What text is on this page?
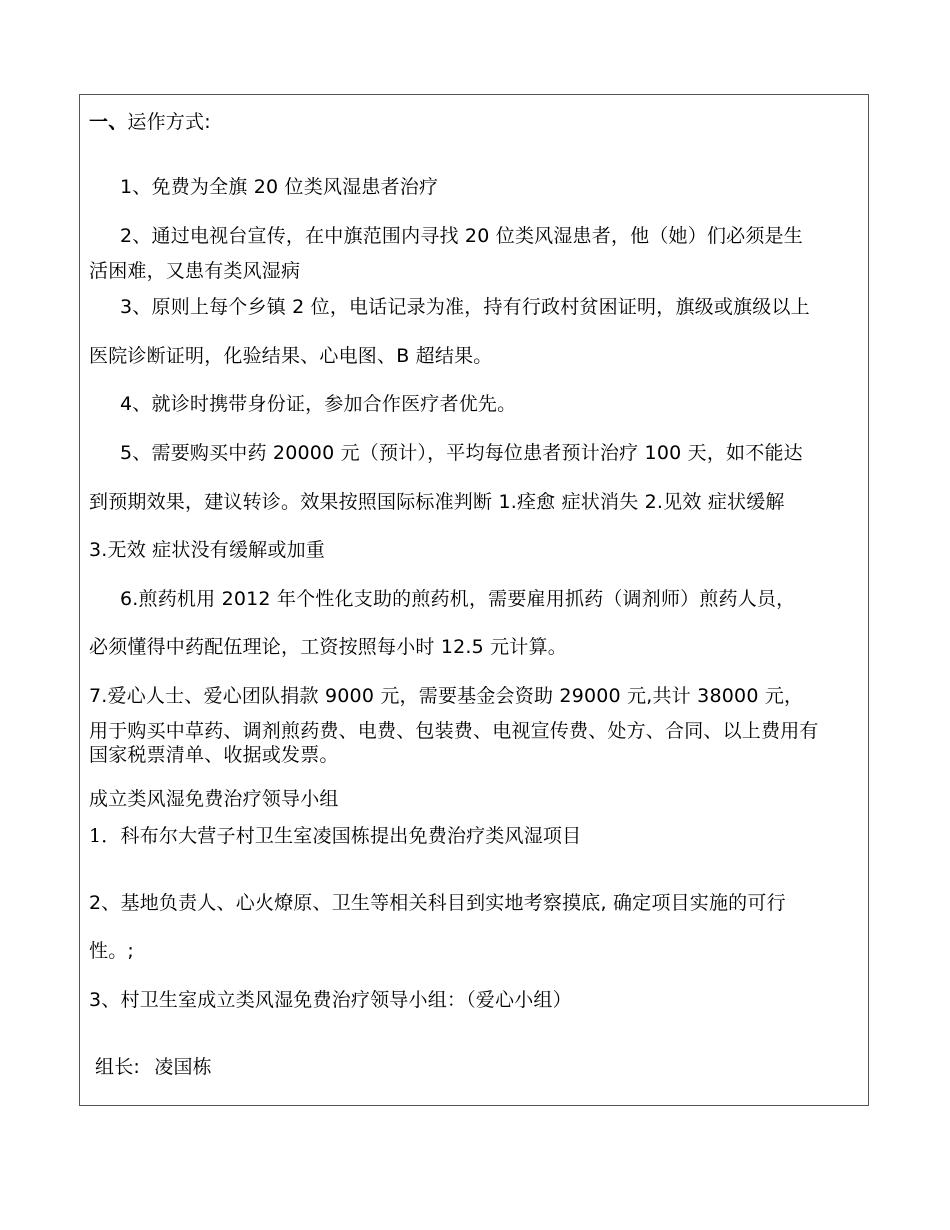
一、运作方式:
1、免费为全旗 20 位类风湿患者治疗
2、通过电视台宣传，在中旗范围内寻找 20 位类风湿患者，他（她）们必须是生
活困难，又患有类风湿病
3、原则上每个乡镇 2 位，电话记录为准，持有行政村贫困证明，旗级或旗级以上
医院诊断证明，化验结果、心电图、B 超结果。
4、就诊时携带身份证，参加合作医疗者优先。
5、需要购买中药 20000 元（预计），平均每位患者预计治疗 100 天，如不能达
到预期效果，建议转诊。效果按照国际标准判断 1.痊愈 症状消失 2.见效 症状缓解
3.无效 症状没有缓解或加重
6.煎药机用 2012 年个性化支助的煎药机，需要雇用抓药（调剂师）煎药人员，
必须懂得中药配伍理论，工资按照每小时 12.5 元计算。
7.爱心人士、爱心团队捐款 9000 元，需要基金会资助 29000 元,共计 38000 元，
用于购买中草药、调剂煎药费、电费、包装费、电视宣传费、处方、合同、以上费用有
国家税票清单、收据或发票。
成立类风湿免费治疗领导小组
1．科布尔大营子村卫生室凌国栋提出免费治疗类风湿项目
2、基地负责人、心火燎原、卫生等相关科目到实地考察摸底, 确定项目实施的可行
性。;
3、村卫生室成立类风湿免费治疗领导小组：（爱心小组）
组长: 凌国栋
